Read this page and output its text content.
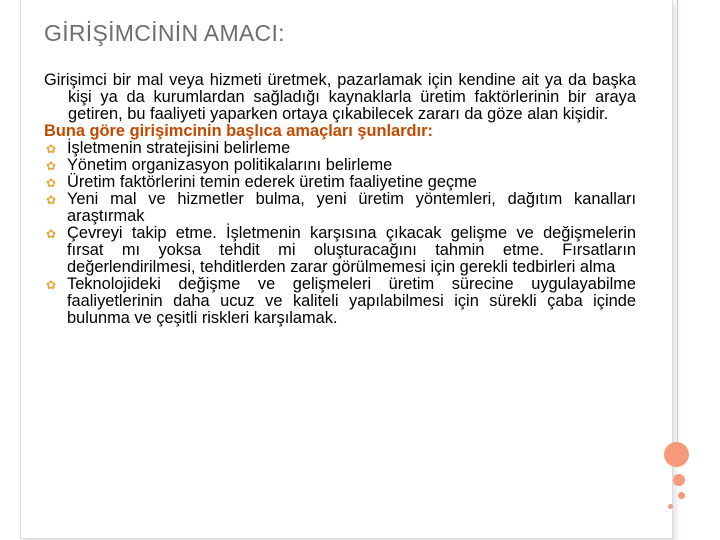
GİRİŞİMCİNİN AMACI:
Girişimci bir mal veya hizmeti üretmek, pazarlamak için kendine ait ya da başka kişi ya da kurumlardan sağladığı kaynaklarla üretim faktörlerinin bir araya getiren, bu faaliyeti yaparken ortaya çıkabilecek zararı da göze alan kişidir.
Buna göre girişimcinin başlıca amaçları şunlardır:
✿ İşletmenin stratejisini belirleme
✿ Yönetim organizasyon politikalarını belirleme
✿ Üretim faktörlerini temin ederek üretim faaliyetine geçme
✿ Yeni mal ve hizmetler bulma, yeni üretim yöntemleri, dağıtım kanalları araştırmak
✿ Çevreyi takip etme. İşletmenin karşısına çıkacak gelişme ve değişmelerin fırsat mı yoksa tehdit mi oluşturacağını tahmin etme. Fırsatların değerlendirilmesi, tehditlerden zarar görülmemesi için gerekli tedbirleri alma
✿ Teknolojideki değişme ve gelişmeleri üretim sürecine uygulayabilme faaliyetlerinin daha ucuz ve kaliteli yapılabilmesi için sürekli çaba içinde bulunma ve çeşitli riskleri karşılamak.
